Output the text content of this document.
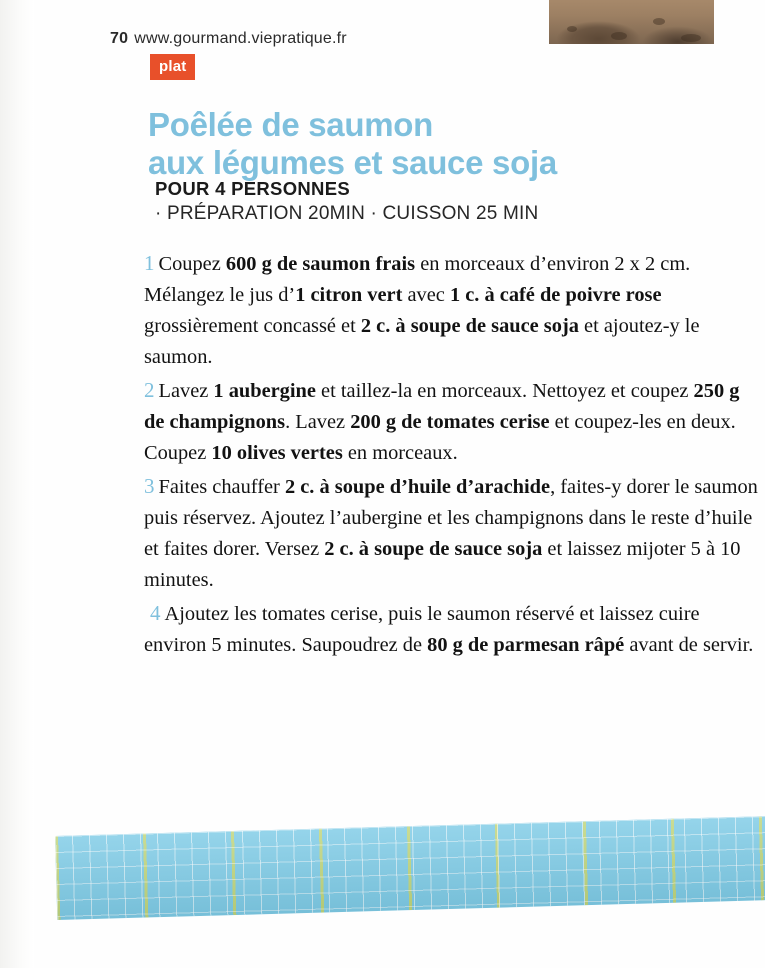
plat
Poêlée de saumon
aux légumes et sauce soja
POUR 4 PERSONNES
· PRÉPARATION 20MIN · CUISSON 25 MIN

1 Coupez 600 g de saumon frais en morceaux d’environ 2 x 2 cm. Mélangez le jus d’1 citron vert avec 1 c. à café de poivre rose grossièrement concassé et 2 c. à soupe de sauce soja et ajoutez-y le saumon.

2 Lavez 1 aubergine et taillez-la en morceaux. Nettoyez et coupez 250 g de champignons. Lavez 200 g de tomates cerise et coupez-les en deux. Coupez 10 olives vertes en morceaux.

3 Faites chauffer 2 c. à soupe d’huile d’arachide, faites-y dorer le saumon puis réservez. Ajoutez l’aubergine et les champignons dans le reste d’huile et faites dorer. Versez 2 c. à soupe de sauce soja et laissez mijoter 5 à 10 minutes.

4 Ajoutez les tomates cerise, puis le saumon réservé et laissez cuire environ 5 minutes. Saupoudrez de 80 g de parmesan râpé avant de servir.

70 www.gourmand.viepratique.fr
